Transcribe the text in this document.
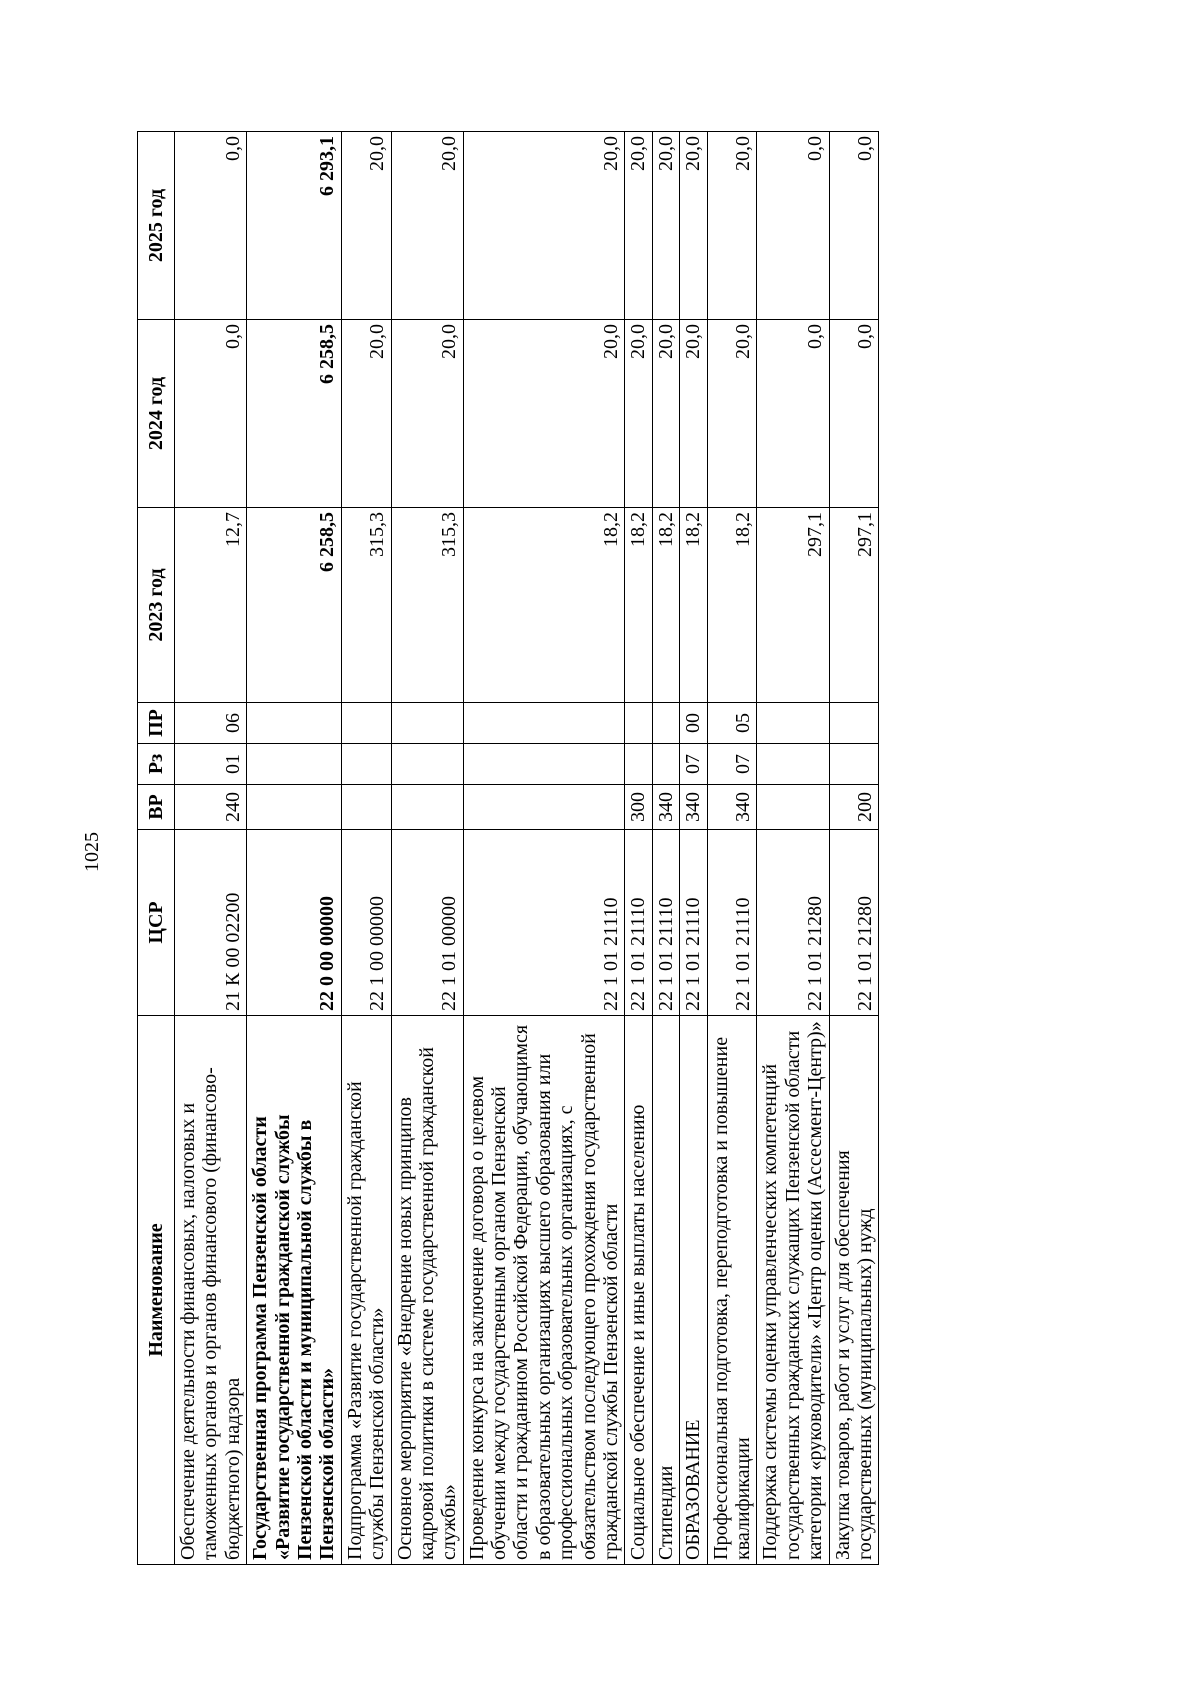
1025
Наименование	ЦСР	ВР	Рз	ПР	2023 год	2024 год	2025 год
Обеспечение деятельности финансовых, налоговых и таможенных органов и органов финансового (финансово-бюджетного) надзора	21 К 00 02200	240	01	06	12,7	0,0	0,0
Государственная программа Пензенской области «Развитие государственной гражданской службы Пензенской области и муниципальной службы в Пензенской области»	22 0 00 00000				6 258,5	6 258,5	6 293,1
Подпрограмма «Развитие государственной гражданской службы Пензенской области»	22 1 00 00000				315,3	20,0	20,0
Основное мероприятие «Внедрение новых принципов кадровой политики в системе государственной гражданской службы»	22 1 01 00000				315,3	20,0	20,0
Проведение конкурса на заключение договора о целевом обучении между государственным органом Пензенской области и гражданином Российской Федерации, обучающимся в образовательных организациях высшего образования или профессиональных образовательных организациях, с обязательством последующего прохождения государственной гражданской службы Пензенской области	22 1 01 21110				18,2	20,0	20,0
Социальное обеспечение и иные выплаты населению	22 1 01 21110	300			18,2	20,0	20,0
Стипендии	22 1 01 21110	340			18,2	20,0	20,0
ОБРАЗОВАНИЕ	22 1 01 21110	340	07	00	18,2	20,0	20,0
Профессиональная подготовка, переподготовка и повышение квалификации	22 1 01 21110	340	07	05	18,2	20,0	20,0
Поддержка системы оценки управленческих компетенций государственных гражданских служащих Пензенской области категории «руководители» «Центр оценки (Ассесмент-Центр)»	22 1 01 21280				297,1	0,0	0,0
Закупка товаров, работ и услуг для обеспечения государственных (муниципальных) нужд	22 1 01 21280	200			297,1	0,0	0,0
